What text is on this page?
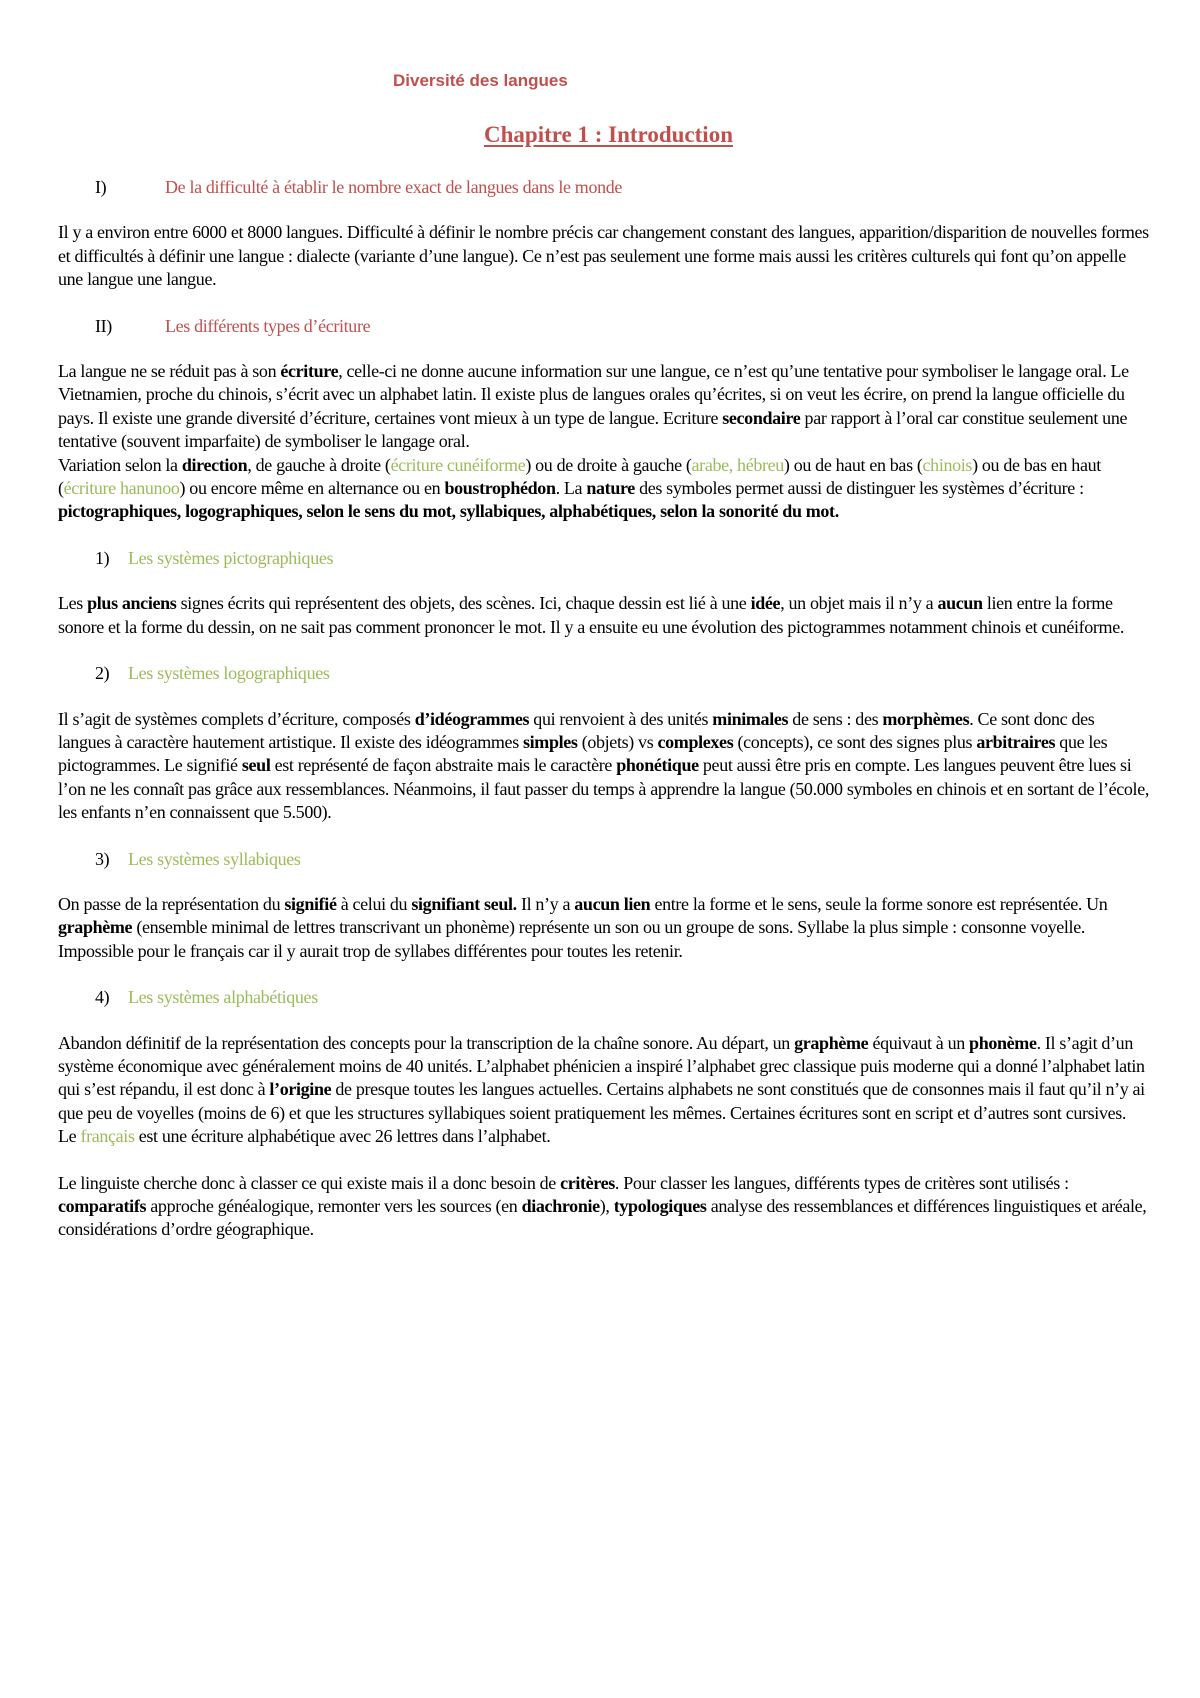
Diversité des langues
Chapitre 1 : Introduction
I)	De la difficulté à établir le nombre exact de langues dans le monde

Il y a environ entre 6000 et 8000 langues. Difficulté à définir le nombre précis car changement constant des langues, apparition/disparition de nouvelles formes et difficultés à définir une langue : dialecte (variante d’une langue). Ce n’est pas seulement une forme mais aussi les critères culturels qui font qu’on appelle une langue une langue.

II)	Les différents types d’écriture

La langue ne se réduit pas à son écriture, celle-ci ne donne aucune information sur une langue, ce n’est qu’une tentative pour symboliser le langage oral. Le Vietnamien, proche du chinois, s’écrit avec un alphabet latin. Il existe plus de langues orales qu’écrites, si on veut les écrire, on prend la langue officielle du pays. Il existe une grande diversité d’écriture, certaines vont mieux à un type de langue. Ecriture secondaire par rapport à l’oral car constitue seulement une tentative (souvent imparfaite) de symboliser le langage oral.

Variation selon la direction, de gauche à droite (écriture cunéiforme) ou de droite à gauche (arabe, hébreu) ou de haut en bas (chinois) ou de bas en haut (écriture hanunoo) ou encore même en alternance ou en boustrophédon. La nature des symboles permet aussi de distinguer les systèmes d’écriture : pictographiques, logographiques, selon le sens du mot, syllabiques, alphabétiques, selon la sonorité du mot.

1)	Les systèmes pictographiques

Les plus anciens signes écrits qui représentent des objets, des scènes. Ici, chaque dessin est lié à une idée, un objet mais il n’y a aucun lien entre la forme sonore et la forme du dessin, on ne sait pas comment prononcer le mot. Il y a ensuite eu une évolution des pictogrammes notamment chinois et cunéiforme.

2)	Les systèmes logographiques

Il s’agit de systèmes complets d’écriture, composés d’idéogrammes qui renvoient à des unités minimales de sens : des morphèmes. Ce sont donc des langues à caractère hautement artistique. Il existe des idéogrammes simples (objets) vs complexes (concepts), ce sont des signes plus arbitraires que les pictogrammes. Le signifié seul est représenté de façon abstraite mais le caractère phonétique peut aussi être pris en compte. Les langues peuvent être lues si l’on ne les connaît pas grâce aux ressemblances. Néanmoins, il faut passer du temps à apprendre la langue (50.000 symboles en chinois et en sortant de l’école, les enfants n’en connaissent que 5.500).

3)	Les systèmes syllabiques

On passe de la représentation du signifié à celui du signifiant seul. Il n’y a aucun lien entre la forme et le sens, seule la forme sonore est représentée. Un graphème (ensemble minimal de lettres transcrivant un phonème) représente un son ou un groupe de sons. Syllabe la plus simple : consonne voyelle. Impossible pour le français car il y aurait trop de syllabes différentes pour toutes les retenir.

4)	Les systèmes alphabétiques

Abandon définitif de la représentation des concepts pour la transcription de la chaîne sonore. Au départ, un graphème équivaut à un phonème. Il s’agit d’un système économique avec généralement moins de 40 unités. L’alphabet phénicien a inspiré l’alphabet grec classique puis moderne qui a donné l’alphabet latin qui s’est répandu, il est donc à l’origine de presque toutes les langues actuelles. Certains alphabets ne sont constitués que de consonnes mais il faut qu’il n’y ai que peu de voyelles (moins de 6) et que les structures syllabiques soient pratiquement les mêmes. Certaines écritures sont en script et d’autres sont cursives.

Le français est une écriture alphabétique avec 26 lettres dans l’alphabet.

Le linguiste cherche donc à classer ce qui existe mais il a donc besoin de critères. Pour classer les langues, différents types de critères sont utilisés : comparatifs approche généalogique, remonter vers les sources (en diachronie), typologiques analyse des ressemblances et différences linguistiques et aréale, considérations d’ordre géographique.
